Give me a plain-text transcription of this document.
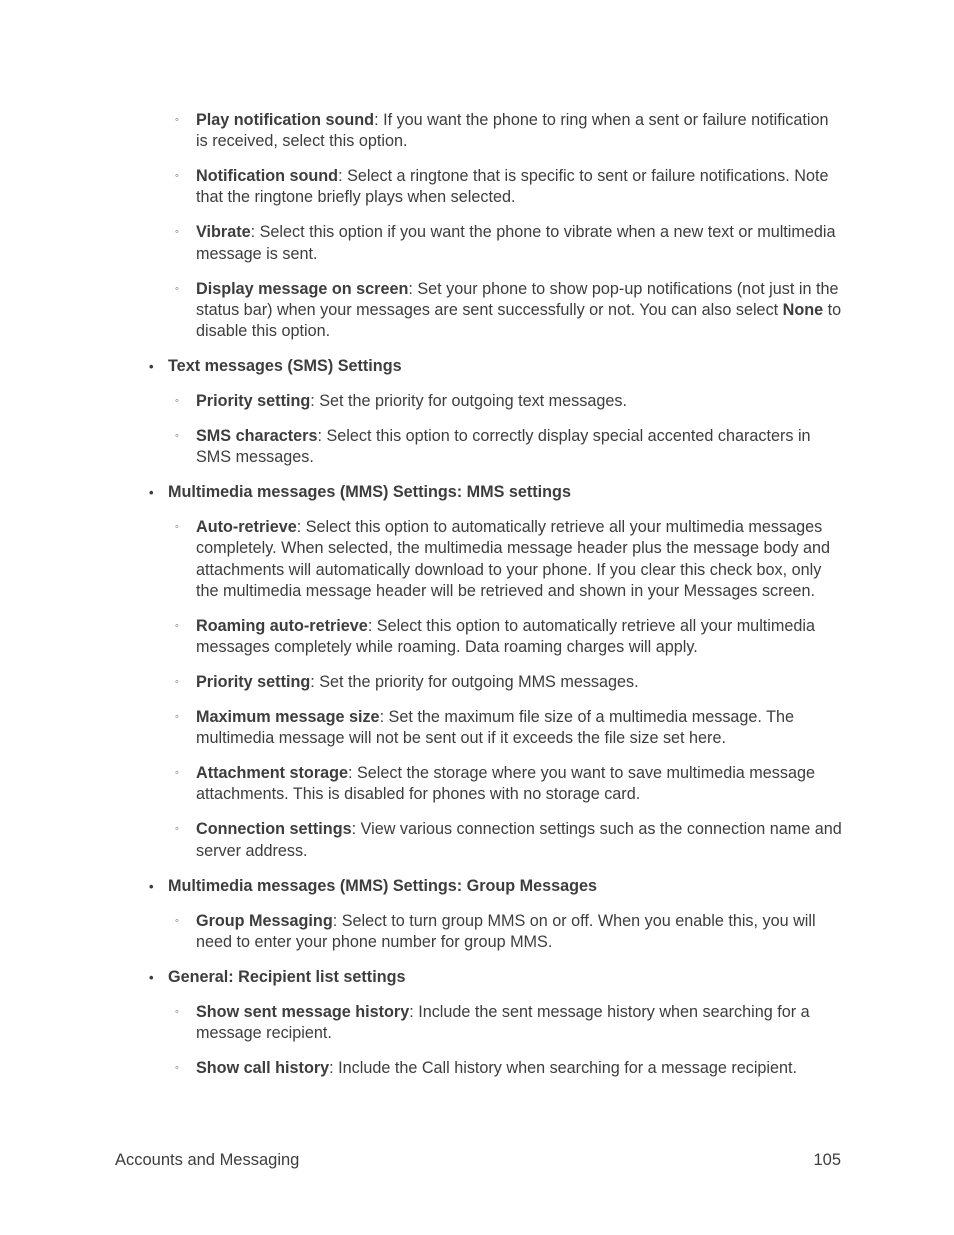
◦ Play notification sound: If you want the phone to ring when a sent or failure notification is received, select this option.
◦ Notification sound: Select a ringtone that is specific to sent or failure notifications. Note that the ringtone briefly plays when selected.
◦ Vibrate: Select this option if you want the phone to vibrate when a new text or multimedia message is sent.
◦ Display message on screen: Set your phone to show pop-up notifications (not just in the status bar) when your messages are sent successfully or not. You can also select None to disable this option.
• Text messages (SMS) Settings
◦ Priority setting: Set the priority for outgoing text messages.
◦ SMS characters: Select this option to correctly display special accented characters in SMS messages.
• Multimedia messages (MMS) Settings: MMS settings
◦ Auto-retrieve: Select this option to automatically retrieve all your multimedia messages completely. When selected, the multimedia message header plus the message body and attachments will automatically download to your phone. If you clear this check box, only the multimedia message header will be retrieved and shown in your Messages screen.
◦ Roaming auto-retrieve: Select this option to automatically retrieve all your multimedia messages completely while roaming. Data roaming charges will apply.
◦ Priority setting: Set the priority for outgoing MMS messages.
◦ Maximum message size: Set the maximum file size of a multimedia message. The multimedia message will not be sent out if it exceeds the file size set here.
◦ Attachment storage: Select the storage where you want to save multimedia message attachments. This is disabled for phones with no storage card.
◦ Connection settings: View various connection settings such as the connection name and server address.
• Multimedia messages (MMS) Settings: Group Messages
◦ Group Messaging: Select to turn group MMS on or off. When you enable this, you will need to enter your phone number for group MMS.
• General: Recipient list settings
◦ Show sent message history: Include the sent message history when searching for a message recipient.
◦ Show call history: Include the Call history when searching for a message recipient.
Accounts and Messaging	105
